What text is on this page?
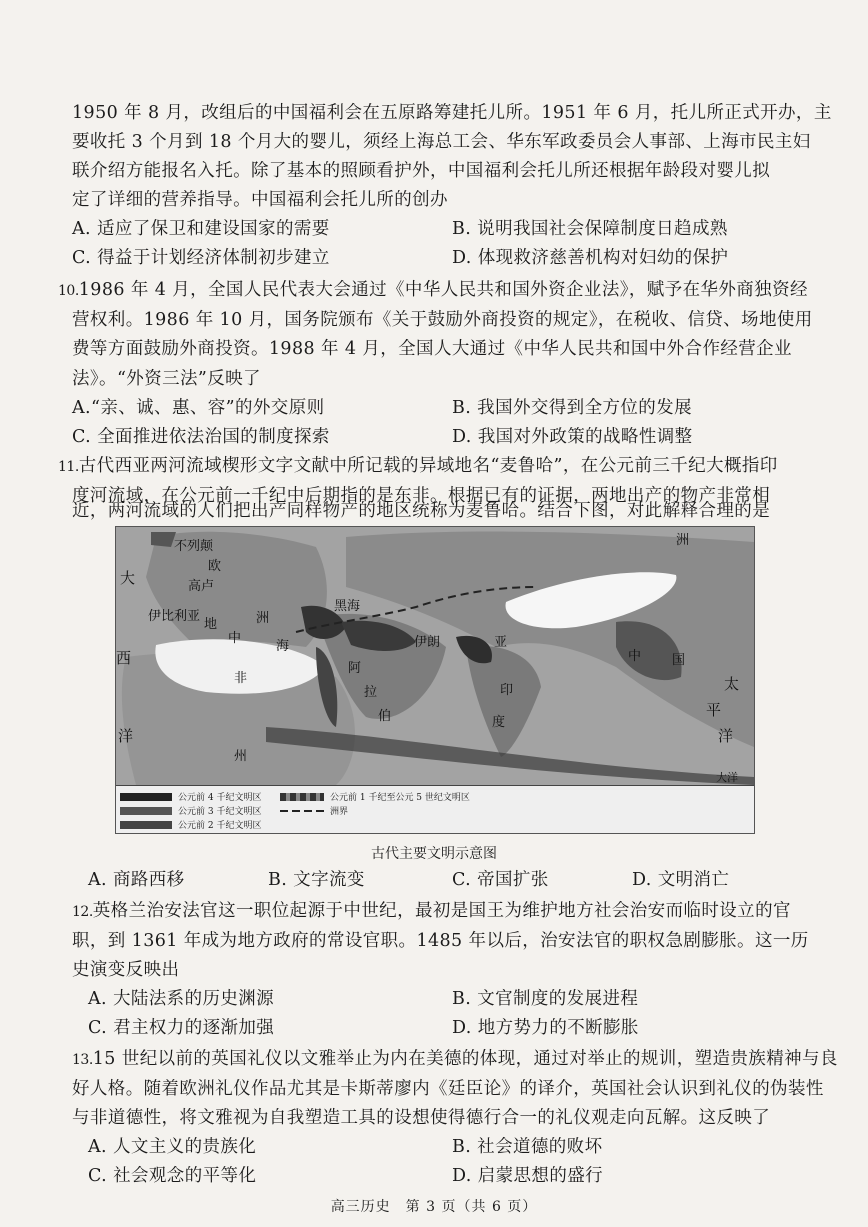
1950 年 8 月，改组后的中国福利会在五原路筹建托儿所。1951 年 6 月，托儿所正式开办，主
要收托 3 个月到 18 个月大的婴儿，须经上海总工会、华东军政委员会人事部、上海市民主妇
联介绍方能报名入托。除了基本的照顾看护外，中国福利会托儿所还根据年龄段对婴儿拟
定了详细的营养指导。中国福利会托儿所的创办
A. 适应了保卫和建设国家的需要	B. 说明我国社会保障制度日趋成熟
C. 得益于计划经济体制初步建立	D. 体现救济慈善机构对妇幼的保护
10.1986 年 4 月，全国人民代表大会通过《中华人民共和国外资企业法》，赋予在华外商独资经
营权利。1986 年 10 月，国务院颁布《关于鼓励外商投资的规定》，在税收、信贷、场地使用
费等方面鼓励外商投资。1988 年 4 月，全国人大通过《中华人民共和国中外合作经营企业
法》。“外资三法”反映了
A.“亲、诚、惠、容”的外交原则	B. 我国外交得到全方位的发展
C. 全面推进依法治国的制度探索	D. 我国对外政策的战略性调整
11.古代西亚两河流域楔形文字文献中所记载的异域地名“麦鲁哈”，在公元前三千纪大概指印
度河流域，在公元前一千纪中后期指的是东非。根据已有的证据，两地出产的物产非常相
近，两河流域的人们把出产同样物产的地区统称为麦鲁哈。结合下图，对此解释合理的是
不列颠
大
欧
高卢
伊比利亚
地
中
海
洲
黑海
伊朗	亚
西
非
阿
拉
伯
印
度
中 国
太
平
洋
洲
洋
大洋
州
公元前 4 千纪文明区
公元前 3 千纪文明区
公元前 2 千纪文明区
公元前 1 千纪至公元 5 世纪文明区
洲界
古代主要文明示意图
A. 商路西移	B. 文字流变	C. 帝国扩张	D. 文明消亡
12.英格兰治安法官这一职位起源于中世纪，最初是国王为维护地方社会治安而临时设立的官
职，到 1361 年成为地方政府的常设官职。1485 年以后，治安法官的职权急剧膨胀。这一历
史演变反映出
A. 大陆法系的历史渊源	B. 文官制度的发展进程
C. 君主权力的逐渐加强	D. 地方势力的不断膨胀
13.15 世纪以前的英国礼仪以文雅举止为内在美德的体现，通过对举止的规训，塑造贵族精神与良
好人格。随着欧洲礼仪作品尤其是卡斯蒂廖内《廷臣论》的译介，英国社会认识到礼仪的伪装性
与非道德性，将文雅视为自我塑造工具的设想使得德行合一的礼仪观走向瓦解。这反映了
A. 人文主义的贵族化	B. 社会道德的败坏
C. 社会观念的平等化	D. 启蒙思想的盛行
高三历史　第 3 页（共 6 页）
